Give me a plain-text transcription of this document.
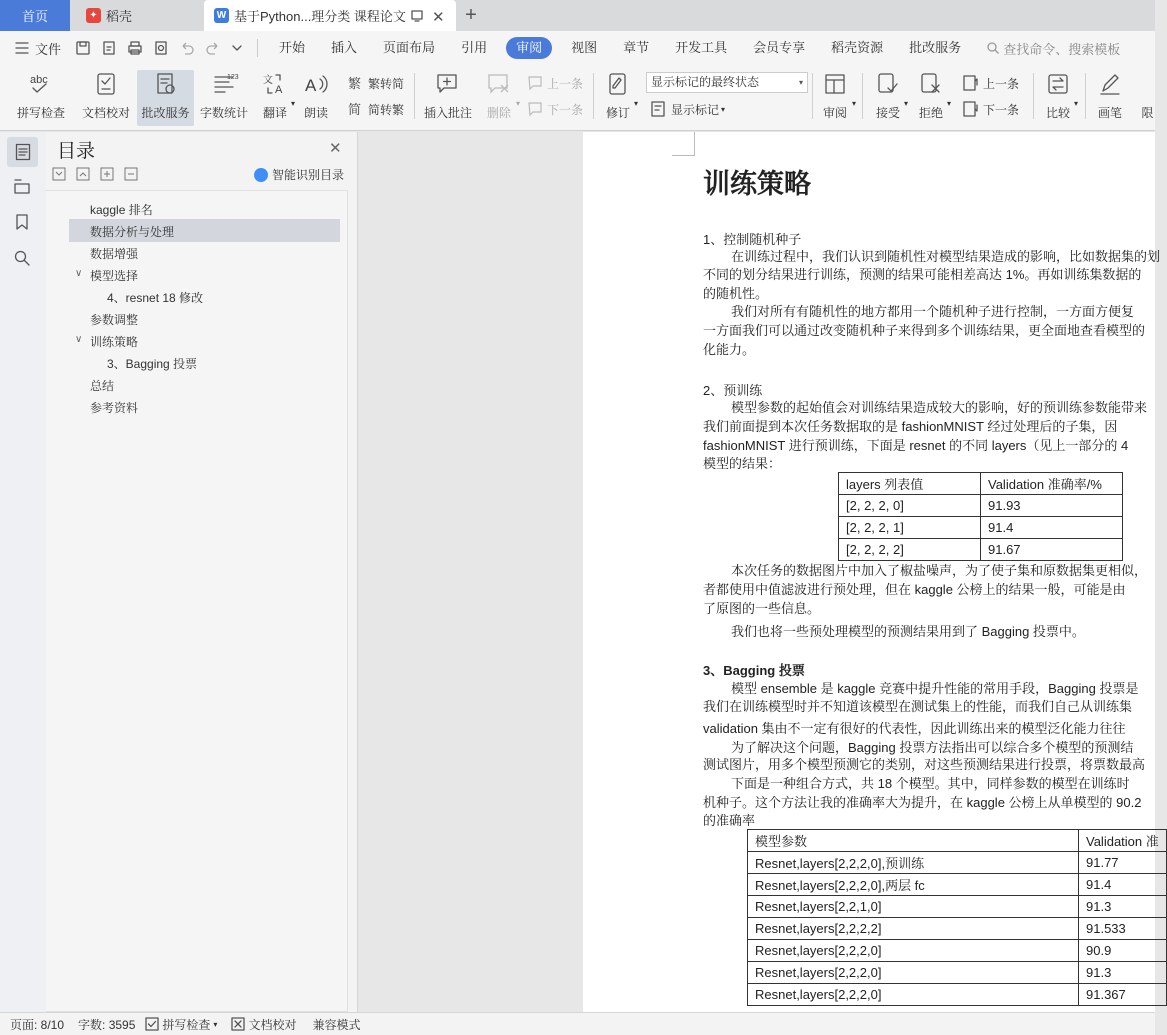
首页	✦ 稻壳	W 基于Python...理分类 课程论文 ✕ +
文件	开始	插入	页面布局	引用	审阅	视图	章节	开发工具	会员专享	稻壳资源	批改服务	查找命令、搜索模板
abc
拼写检查 文档校对 批改服务
123
字数统计
文
A
翻译
▾
A
朗读
繁 繁转简
简 简转繁 插入批注 删除
▾
上一条
下一条 修订
▾
显示标记的最终状态	▾
显示标记 ▾	审阅
▾
接受
▾
拒绝
▾
上一条
下一条 比较
▾
画笔 限
目录	✕
智能识别目录
kaggle 排名
数据分析与处理
数据增强
∨ 模型选择
4、resnet 18 修改
参数调整
∨ 训练策略
3、Bagging 投票
总结
参考资料
训练策略
1、控制随机种子
在训练过程中，我们认识到随机性对模型结果造成的影响，比如数据集的划
不同的划分结果进行训练，预测的结果可能相差高达 1%。再如训练集数据的
的随机性。
我们对所有有随机性的地方都用一个随机种子进行控制，一方面方便复
一方面我们可以通过改变随机种子来得到多个训练结果，更全面地查看模型的
化能力。
2、预训练
模型参数的起始值会对训练结果造成较大的影响，好的预训练参数能带来
我们前面提到本次任务数据取的是 fashionMNIST 经过处理后的子集，因
fashionMNIST 进行预训练，下面是 resnet 的不同 layers（见上一部分的 4
模型的结果：
layers 列表值	Validation 准确率/%
[2, 2, 2, 0]	91.93
[2, 2, 2, 1]	91.4
[2, 2, 2, 2]	91.67
本次任务的数据图片中加入了椒盐噪声，为了使子集和原数据集更相似，
者都使用中值滤波进行预处理，但在 kaggle 公榜上的结果一般，可能是由
了原图的一些信息。
我们也将一些预处理模型的预测结果用到了 Bagging 投票中。
3、Bagging 投票
模型 ensemble 是 kaggle 竞赛中提升性能的常用手段，Bagging 投票是
我们在训练模型时并不知道该模型在测试集上的性能，而我们自己从训练集
validation 集由不一定有很好的代表性，因此训练出来的模型泛化能力往往
为了解决这个问题，Bagging 投票方法指出可以综合多个模型的预测结
测试图片，用多个模型预测它的类别，对这些预测结果进行投票，将票数最高
下面是一种组合方式，共 18 个模型。其中，同样参数的模型在训练时
机种子。这个方法让我的准确率大为提升，在 kaggle 公榜上从单模型的 90.2
的准确率
模型参数	Validation 准
Resnet,layers[2,2,2,0],预训练	91.77
Resnet,layers[2,2,2,0],两层 fc	91.4
Resnet,layers[2,2,1,0]	91.3
Resnet,layers[2,2,2,2]	91.533
Resnet,layers[2,2,2,0]	90.9
Resnet,layers[2,2,2,0]	91.3
Resnet,layers[2,2,2,0]	91.367
页面: 8/10 字数: 3595 拼写检查 ▾	文档校对 兼容模式
